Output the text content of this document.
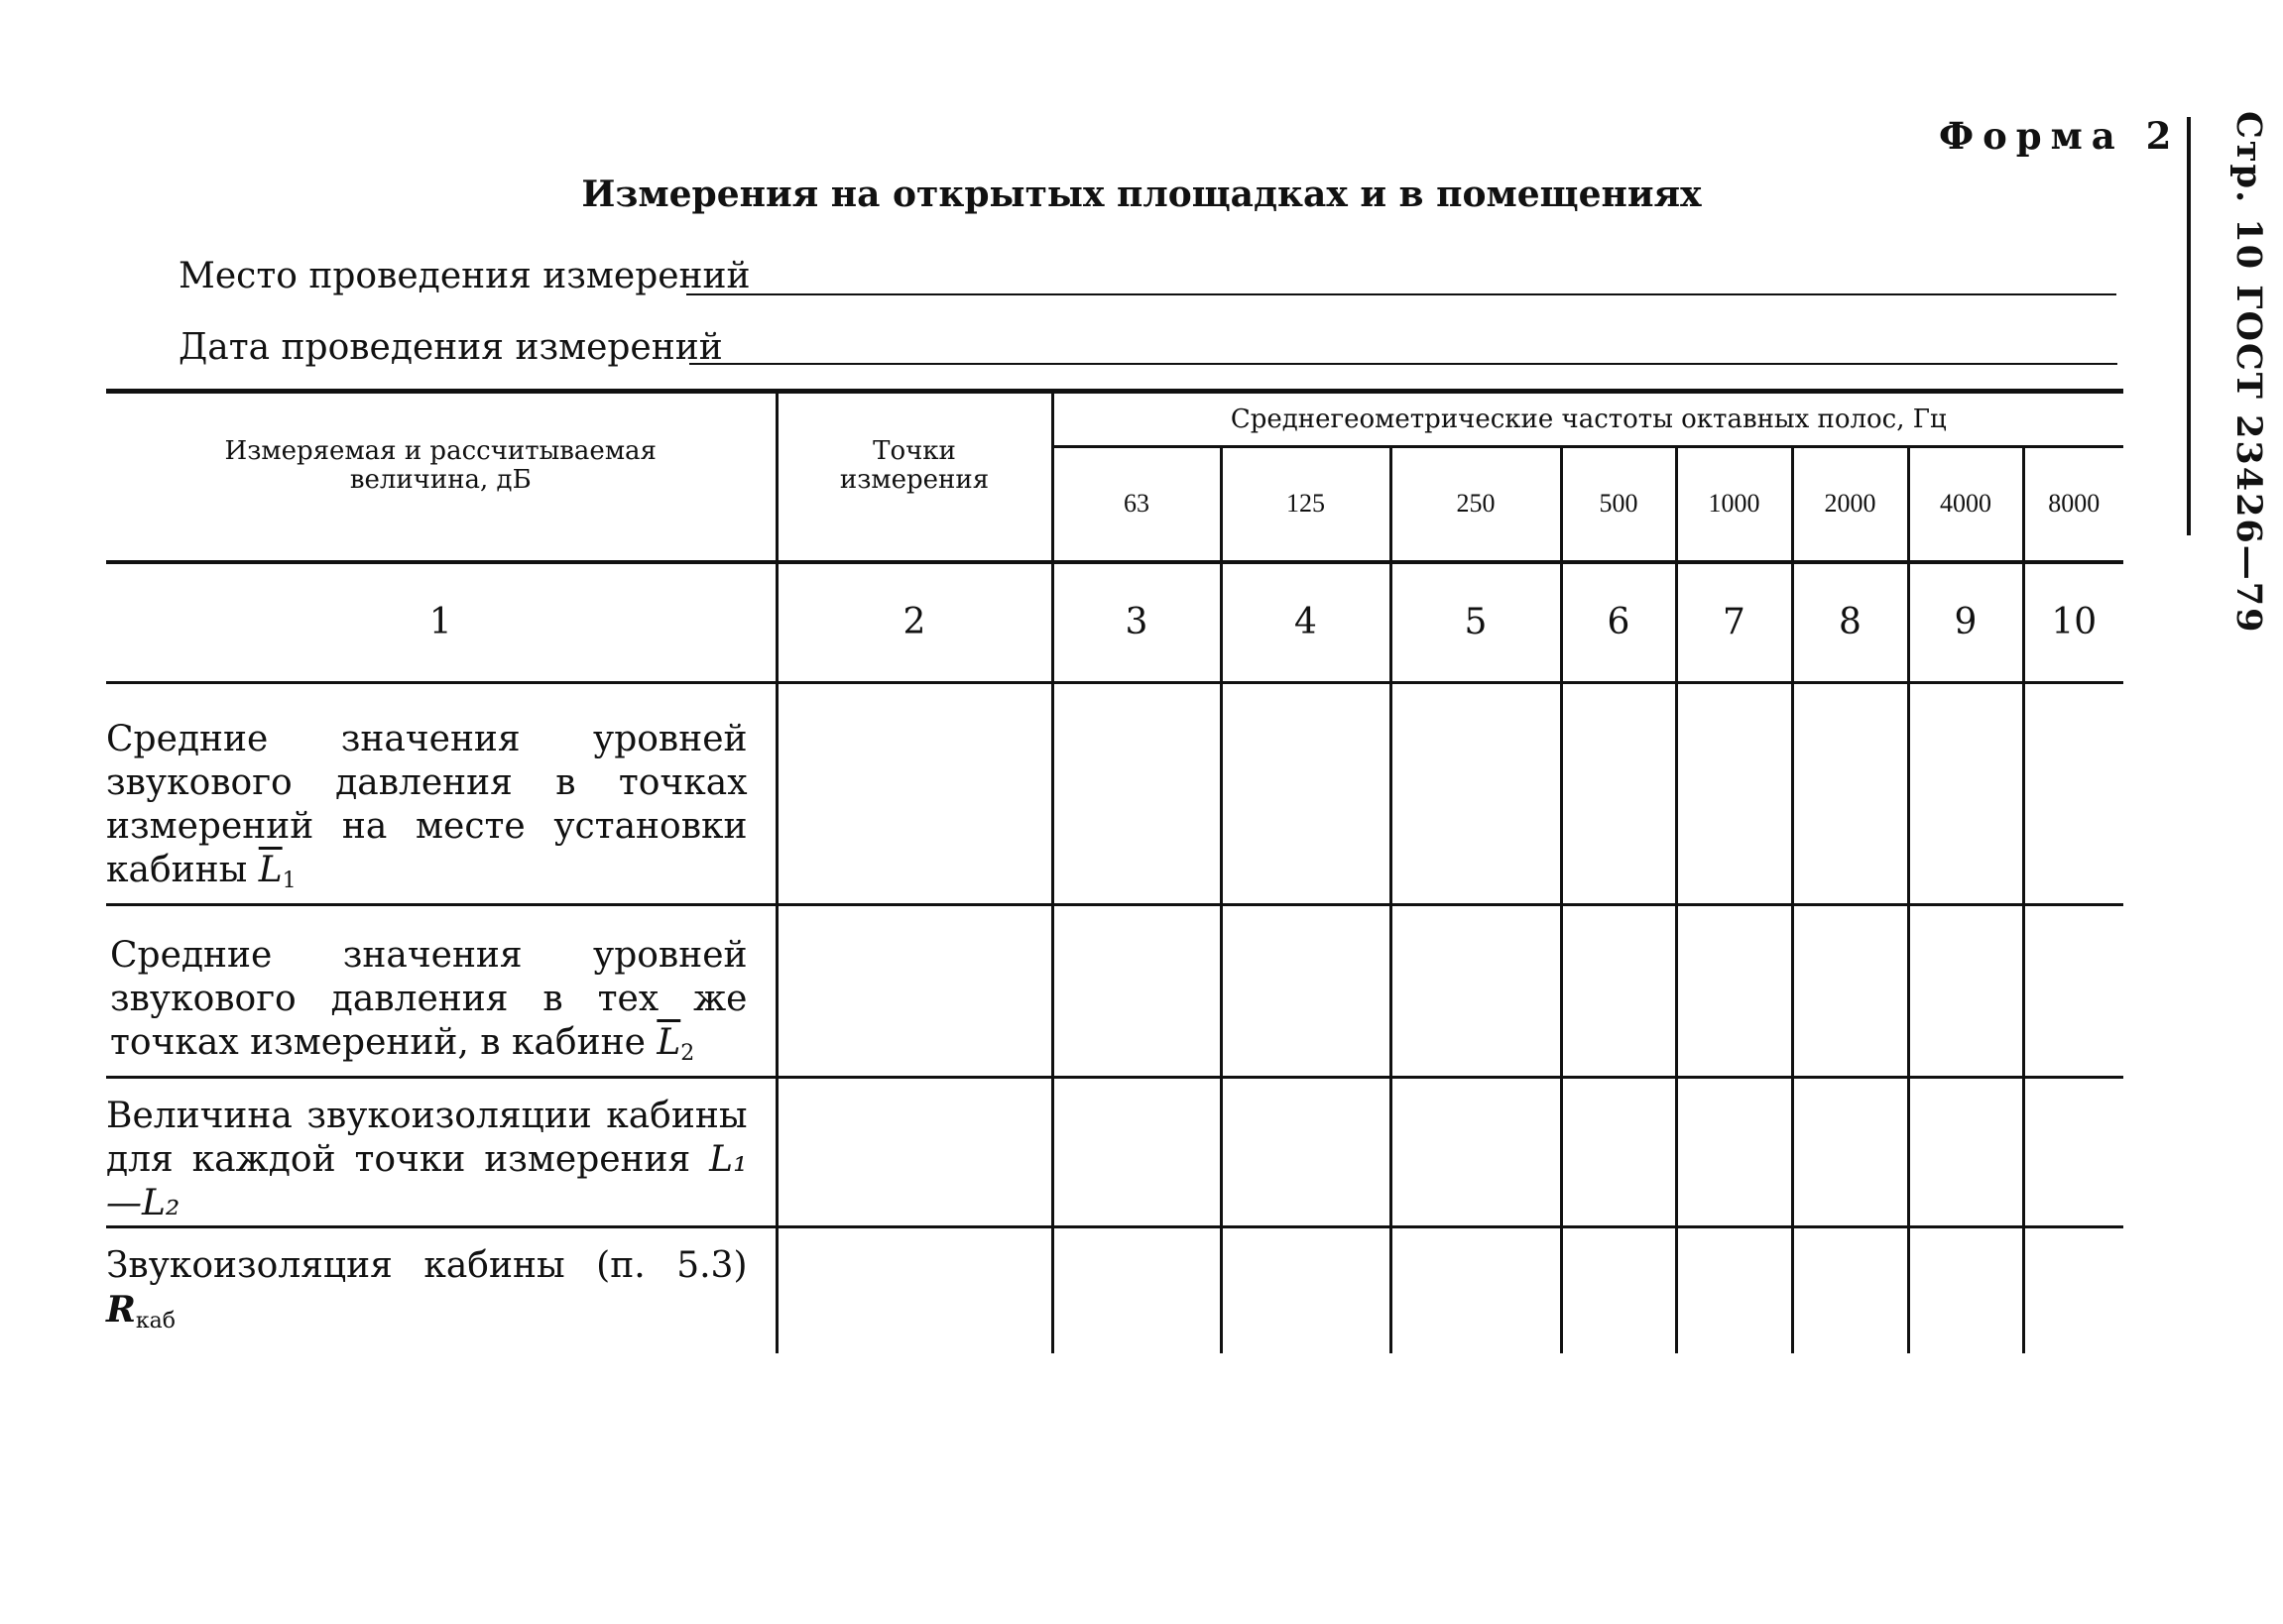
Форма 2
Измерения на открытых площадках и в помещениях
Место проведения измерений
Дата проведения измерений	Стр. 10 ГОСТ 23426—79
Измеряемая и рассчитываемая величина, дБ	Точки измерения	Среднегеометрические частоты октавных полос, Гц							
		63	125	250	500	1000	2000	4000	8000
1	2	3	4	5	6	7	8	9	10
Средние значения уровней звукового давления в точках измерений на месте установки кабины $\overline{L}_1$									
Средние значения уровней звукового давления в тех же точках измерений, в кабине $\overline{L}_2$									
Величина звукоизоляции кабины для каждой точки измерения L₁—L₂									
Звукоизоляция кабины (п. 5.3) $R_{каб}$									
